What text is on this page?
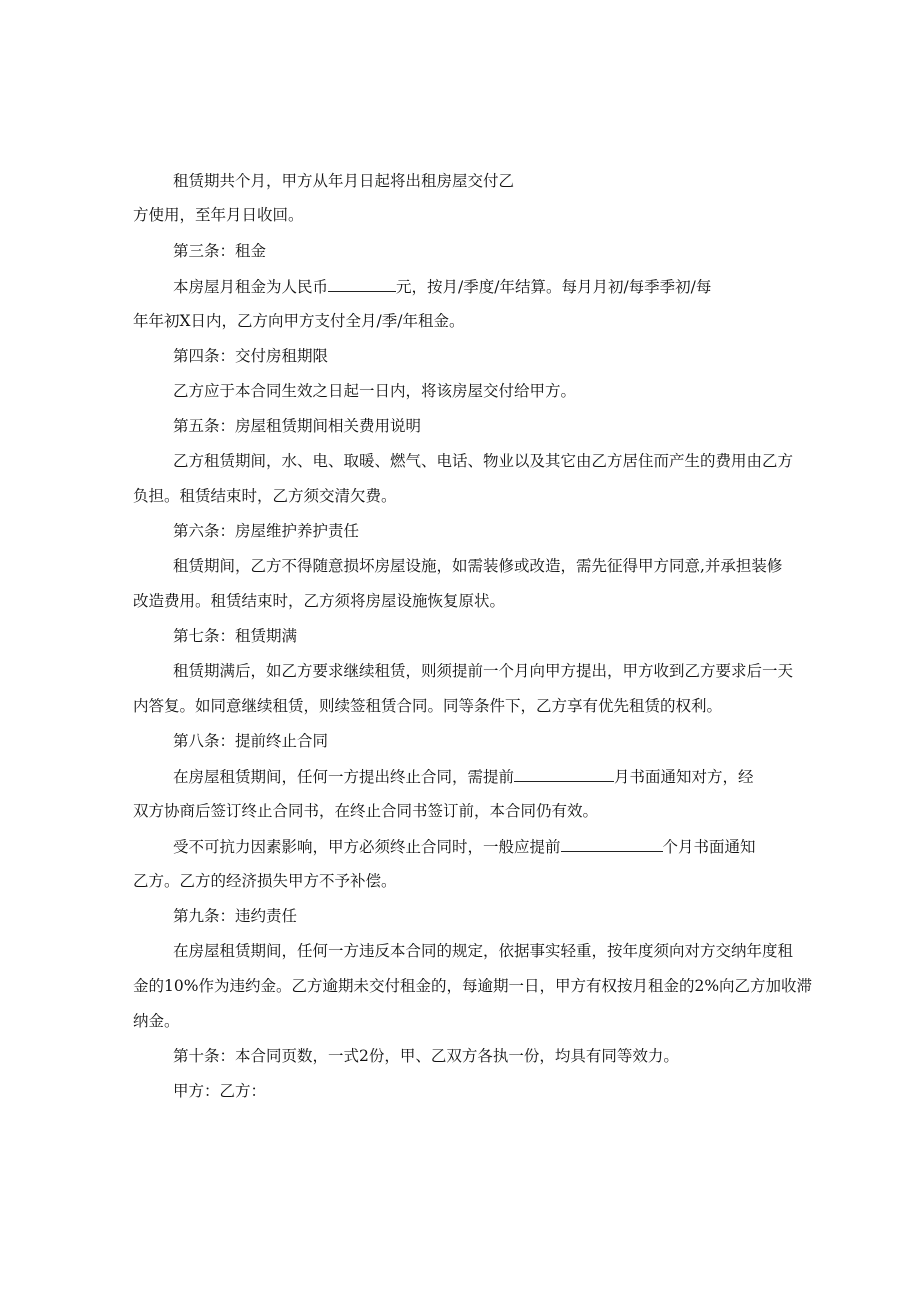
租赁期共个月，甲方从年月日起将出租房屋交付乙
方使用，至年月日收回。
第三条：租金
本房屋月租金为人民币	元，按月/季度/年结算。每月月初/每季季初/每
年年初X日内，乙方向甲方支付全月/季/年租金。
第四条：交付房租期限
乙方应于本合同生效之日起一日内，将该房屋交付给甲方。
第五条：房屋租赁期间相关费用说明
乙方租赁期间，水、电、取暖、燃气、电话、物业以及其它由乙方居住而产生的费用由乙方
负担。租赁结束时，乙方须交清欠费。
第六条：房屋维护养护责任
租赁期间，乙方不得随意损坏房屋设施，如需装修或改造，需先征得甲方同意,并承担装修
改造费用。租赁结束时，乙方须将房屋设施恢复原状。
第七条：租赁期满
租赁期满后，如乙方要求继续租赁，则须提前一个月向甲方提出，甲方收到乙方要求后一天
内答复。如同意继续租赁，则续签租赁合同。同等条件下，乙方享有优先租赁的权利。
第八条：提前终止合同
在房屋租赁期间，任何一方提出终止合同，需提前	月书面通知对方，经
双方协商后签订终止合同书，在终止合同书签订前，本合同仍有效。
受不可抗力因素影响，甲方必须终止合同时，一般应提前	个月书面通知
乙方。乙方的经济损失甲方不予补偿。
第九条：违约责任
在房屋租赁期间，任何一方违反本合同的规定，依据事实轻重，按年度须向对方交纳年度租
金的10%作为违约金。乙方逾期未交付租金的，每逾期一日，甲方有权按月租金的2%向乙方加收滞
纳金。
第十条：本合同页数，一式2份，甲、乙双方各执一份，均具有同等效力。
甲方：乙方：
